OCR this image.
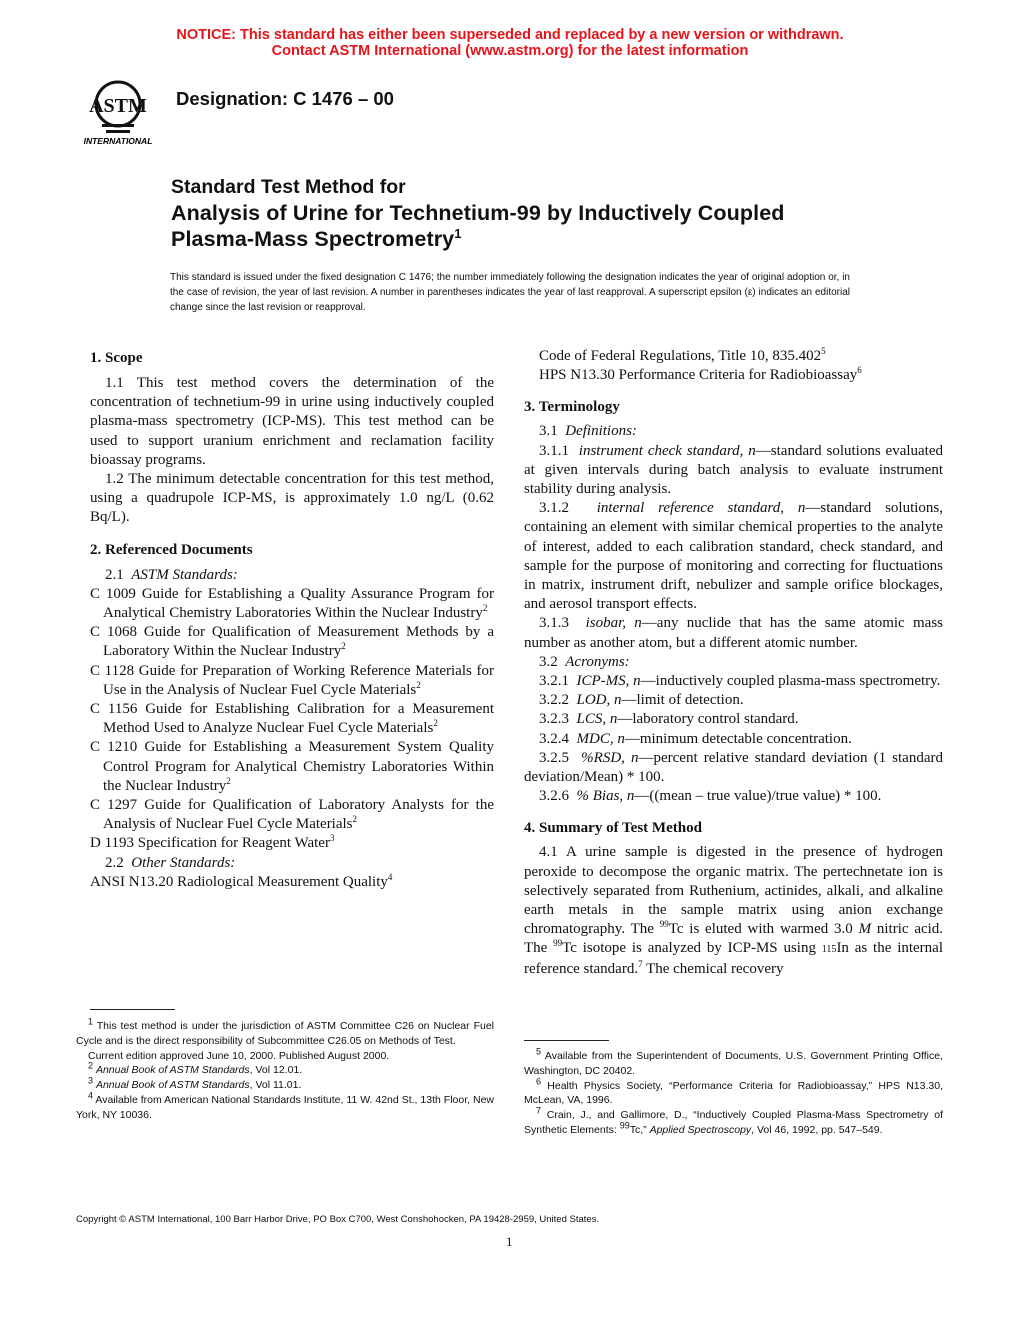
NOTICE: This standard has either been superseded and replaced by a new version or withdrawn.
Contact ASTM International (www.astm.org) for the latest information
ASTM
INTERNATIONAL
Designation: C 1476 – 00
Standard Test Method for
Analysis of Urine for Technetium-99 by Inductively Coupled
Plasma-Mass Spectrometry$^1$
This standard is issued under the fixed designation C 1476; the number immediately following the designation indicates the year of original adoption or, in the case of revision, the year of last revision. A number in parentheses indicates the year of last reapproval. A superscript epsilon (ε) indicates an editorial change since the last revision or reapproval.
1. Scope

1.1 This test method covers the determination of the concentration of technetium-99 in urine using inductively coupled plasma-mass spectrometry (ICP-MS). This test method can be used to support uranium enrichment and reclamation facility bioassay programs.

1.2 The minimum detectable concentration for this test method, using a quadrupole ICP-MS, is approximately 1.0 ng/L (0.62 Bq/L).

2. Referenced Documents

2.1 ASTM Standards:

C 1009 Guide for Establishing a Quality Assurance Program for Analytical Chemistry Laboratories Within the Nuclear Industry$^2$

C 1068 Guide for Qualification of Measurement Methods by a Laboratory Within the Nuclear Industry$^2$

C 1128 Guide for Preparation of Working Reference Materials for Use in the Analysis of Nuclear Fuel Cycle Materials$^2$

C 1156 Guide for Establishing Calibration for a Measurement Method Used to Analyze Nuclear Fuel Cycle Materials$^2$

C 1210 Guide for Establishing a Measurement System Quality Control Program for Analytical Chemistry Laboratories Within the Nuclear Industry$^2$

C 1297 Guide for Qualification of Laboratory Analysts for the Analysis of Nuclear Fuel Cycle Materials$^2$

D 1193 Specification for Reagent Water$^3$

2.2 Other Standards:

ANSI N13.20 Radiological Measurement Quality$^4$

Code of Federal Regulations, Title 10, 835.402$^5$

HPS N13.30 Performance Criteria for Radiobioassay$^6$

3. Terminology

3.1 Definitions:

3.1.1 instrument check standard, n—standard solutions evaluated at given intervals during batch analysis to evaluate instrument stability during analysis.

3.1.2 internal reference standard, n—standard solutions, containing an element with similar chemical properties to the analyte of interest, added to each calibration standard, check standard, and sample for the purpose of monitoring and correcting for fluctuations in matrix, instrument drift, nebulizer and sample orifice blockages, and aerosol transport effects.

3.1.3 isobar, n—any nuclide that has the same atomic mass number as another atom, but a different atomic number.

3.2 Acronyms:

3.2.1 ICP-MS, n—inductively coupled plasma-mass spectrometry.

3.2.2 LOD, n—limit of detection.

3.2.3 LCS, n—laboratory control standard.

3.2.4 MDC, n—minimum detectable concentration.

3.2.5 %RSD, n—percent relative standard deviation (1 standard deviation/Mean) * 100.

3.2.6 % Bias, n—((mean – true value)/true value) * 100.

4. Summary of Test Method

4.1 A urine sample is digested in the presence of hydrogen peroxide to decompose the organic matrix. The pertechnetate ion is selectively separated from Ruthenium, actinides, alkali, and alkaline earth metals in the sample matrix using anion exchange chromatography. The $^{99}$Tc is eluted with warmed 3.0 M nitric acid. The $^{99}$Tc isotope is analyzed by ICP-MS using 115In as the internal reference standard.$^7$ The chemical recovery

1 This test method is under the jurisdiction of ASTM Committee C26 on Nuclear Fuel Cycle and is the direct responsibility of Subcommittee C26.05 on Methods of Test.

Current edition approved June 10, 2000. Published August 2000.

2 Annual Book of ASTM Standards, Vol 12.01.

3 Annual Book of ASTM Standards, Vol 11.01.

4 Available from American National Standards Institute, 11 W. 42nd St., 13th Floor, New York, NY 10036.

5 Available from the Superintendent of Documents, U.S. Government Printing Office, Washington, DC 20402.

6 Health Physics Society, “Performance Criteria for Radiobioassay,” HPS N13.30, McLean, VA, 1996.

7 Crain, J., and Gallimore, D., “Inductively Coupled Plasma-Mass Spectrometry of Synthetic Elements: 99Tc,” Applied Spectroscopy, Vol 46, 1992, pp. 547–549.

Copyright © ASTM International, 100 Barr Harbor Drive, PO Box C700, West Conshohocken, PA 19428-2959, United States.
1
